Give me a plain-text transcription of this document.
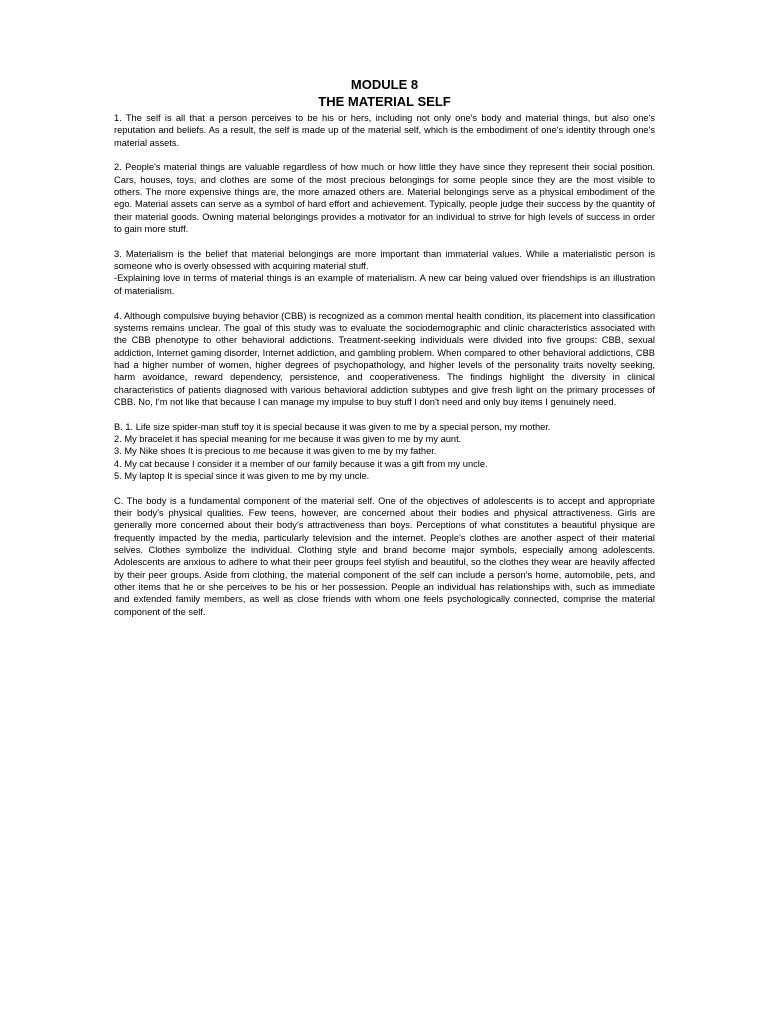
MODULE 8

THE MATERIAL SELF

1. The self is all that a person perceives to be his or hers, including not only one's body and material things, but also one's reputation and beliefs. As a result, the self is made up of the material self, which is the embodiment of one's identity through one's material assets.

2. People's material things are valuable regardless of how much or how little they have since they represent their social position. Cars, houses, toys, and clothes are some of the most precious belongings for some people since they are the most visible to others. The more expensive things are, the more amazed others are. Material belongings serve as a physical embodiment of the ego. Material assets can serve as a symbol of hard effort and achievement. Typically, people judge their success by the quantity of their material goods. Owning material belongings provides a motivator for an individual to strive for high levels of success in order to gain more stuff.

3. Materialism is the belief that material belongings are more important than immaterial values. While a materialistic person is someone who is overly obsessed with acquiring material stuff.
-Explaining love in terms of material things is an example of materialism. A new car being valued over friendships is an illustration of materialism.

4. Although compulsive buying behavior (CBB) is recognized as a common mental health condition, its placement into classification systems remains unclear. The goal of this study was to evaluate the sociodemographic and clinic characteristics associated with the CBB phenotype to other behavioral addictions. Treatment-seeking individuals were divided into five groups: CBB, sexual addiction, Internet gaming disorder, Internet addiction, and gambling problem. When compared to other behavioral addictions, CBB had a higher number of women, higher degrees of psychopathology, and higher levels of the personality traits novelty seeking, harm avoidance, reward dependency, persistence, and cooperativeness. The findings highlight the diversity in clinical characteristics of patients diagnosed with various behavioral addiction subtypes and give fresh light on the primary processes of CBB. No, I'm not like that because I can manage my impulse to buy stuff I don't need and only buy items I genuinely need.

B. 1. Life size spider-man stuff toy it is special because it was given to me by a special person, my mother.
2. My bracelet it has special meaning for me because it was given to me by my aunt.
3. My Nike shoes It is precious to me because it was given to me by my father.
4. My cat because I consider it a member of our family because it was a gift from my uncle.
5. My laptop It is special since it was given to me by my uncle.

C. The body is a fundamental component of the material self. One of the objectives of adolescents is to accept and appropriate their body's physical qualities. Few teens, however, are concerned about their bodies and physical attractiveness. Girls are generally more concerned about their body's attractiveness than boys. Perceptions of what constitutes a beautiful physique are frequently impacted by the media, particularly television and the internet. People's clothes are another aspect of their material selves. Clothes symbolize the individual. Clothing style and brand become major symbols, especially among adolescents. Adolescents are anxious to adhere to what their peer groups feel stylish and beautiful, so the clothes they wear are heavily affected by their peer groups. Aside from clothing, the material component of the self can include a person's home, automobile, pets, and other items that he or she perceives to be his or her possession. People an individual has relationships with, such as immediate and extended family members, as well as close friends with whom one feels psychologically connected, comprise the material component of the self.
